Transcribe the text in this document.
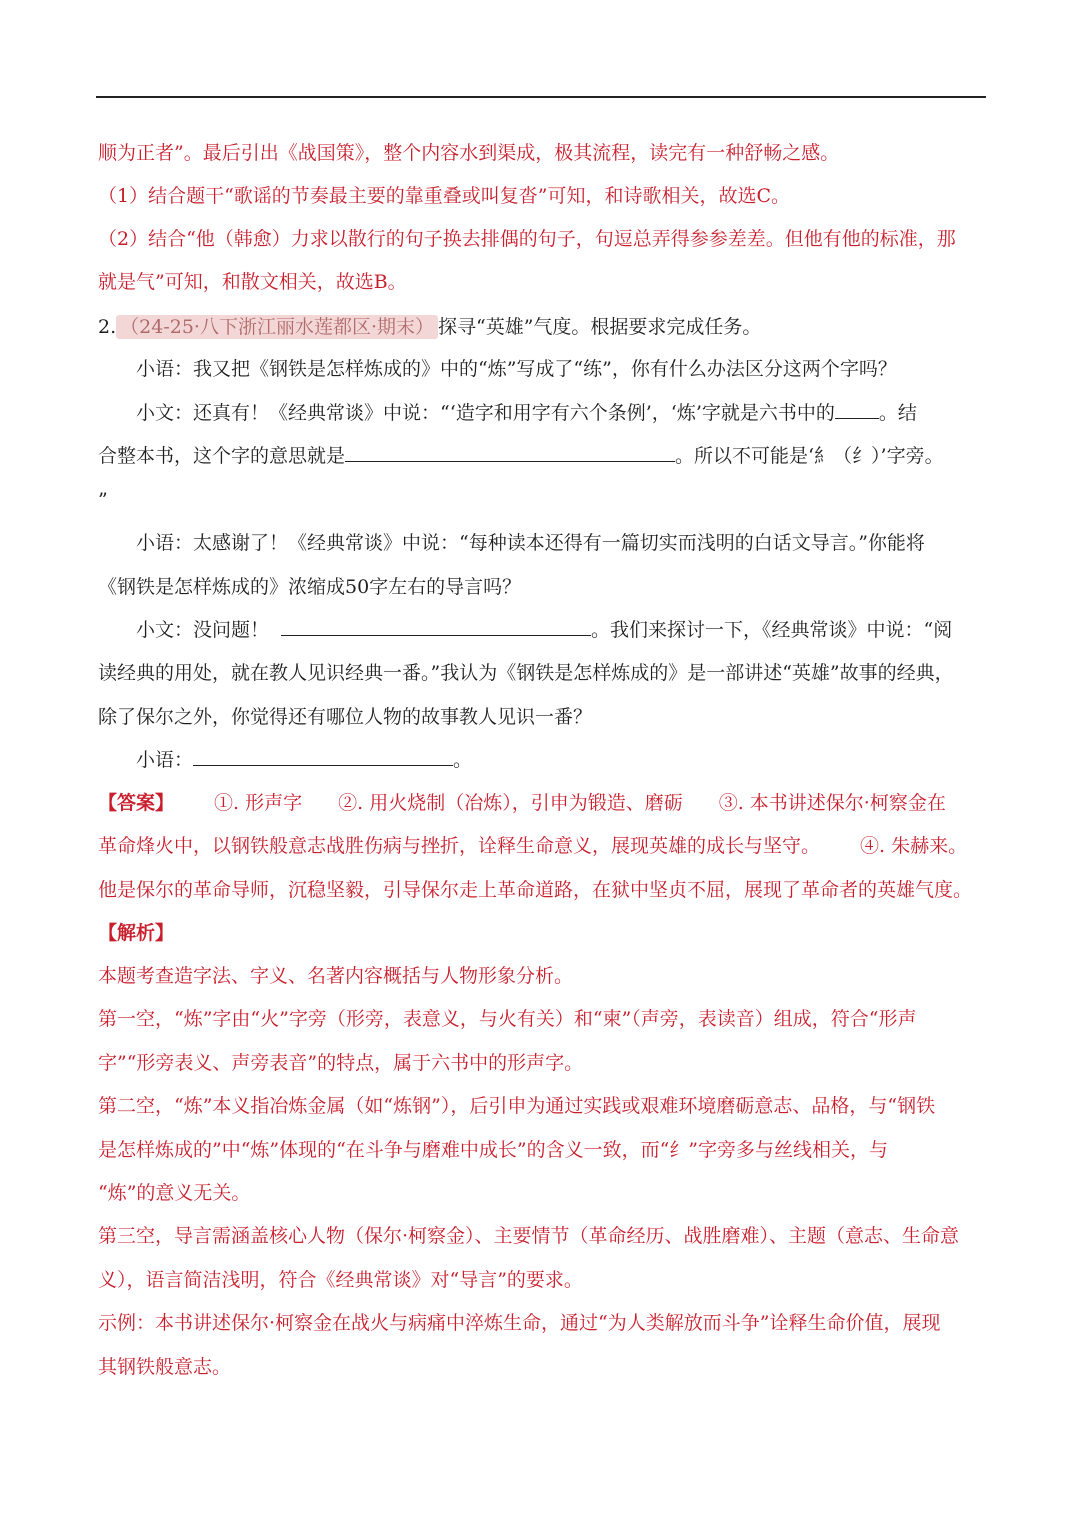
顺为正者”。最后引出《战国策》，整个内容水到渠成，极其流程，读完有一种舒畅之感。
（1）结合题干“歌谣的节奏最主要的靠重叠或叫复沓”可知，和诗歌相关，故选C。
（2）结合“他（韩愈）力求以散行的句子换去排偶的句子，句逗总弄得参参差差。但他有他的标准，那
就是气”可知，和散文相关，故选B。
2. （24-25·八下浙江丽水莲都区·期末） 探寻“英雄”气度。根据要求完成任务。
小语：我又把《钢铁是怎样炼成的》中的“炼”写成了“练”，你有什么办法区分这两个字吗？
小文：还真有！《经典常谈》中说：“‘造字和用字有六个条例’，‘炼’字就是六书中的 。结
合整本书，这个字的意思就是	。所以不可能是‘糹（纟）’字旁。
”
小语：太感谢了！《经典常谈》中说：“每种读本还得有一篇切实而浅明的白话文导言。”你能将
《钢铁是怎样炼成的》浓缩成50字左右的导言吗？
小文：没问题！	。我们来探讨一下，《经典常谈》中说：“阅
读经典的用处，就在教人见识经典一番。”我认为《钢铁是怎样炼成的》是一部讲述“英雄”故事的经典，
除了保尔之外，你觉得还有哪位人物的故事教人见识一番？
小语：	。
【答案】 ①. 形声字 ②. 用火烧制（冶炼），引申为锻造、磨砺 ③. 本书讲述保尔·柯察金在
革命烽火中，以钢铁般意志战胜伤病与挫折，诠释生命意义，展现英雄的成长与坚守。 ④. 朱赫来。
他是保尔的革命导师，沉稳坚毅，引导保尔走上革命道路，在狱中坚贞不屈，展现了革命者的英雄气度。
【解析】
本题考查造字法、字义、名著内容概括与人物形象分析。
第一空，“炼”字由“火”字旁（形旁，表意义，与火有关）和“柬”（声旁，表读音）组成，符合“形声
字”“形旁表义、声旁表音”的特点，属于六书中的形声字。
第二空，“炼”本义指冶炼金属（如“炼钢”），后引申为通过实践或艰难环境磨砺意志、品格，与“钢铁
是怎样炼成的”中“炼”体现的“在斗争与磨难中成长”的含义一致，而“纟”字旁多与丝线相关，与
“炼”的意义无关。
第三空，导言需涵盖核心人物（保尔·柯察金）、主要情节（革命经历、战胜磨难）、主题（意志、生命意
义），语言简洁浅明，符合《经典常谈》对“导言”的要求。
示例：本书讲述保尔·柯察金在战火与病痛中淬炼生命，通过“为人类解放而斗争”诠释生命价值，展现
其钢铁般意志。
